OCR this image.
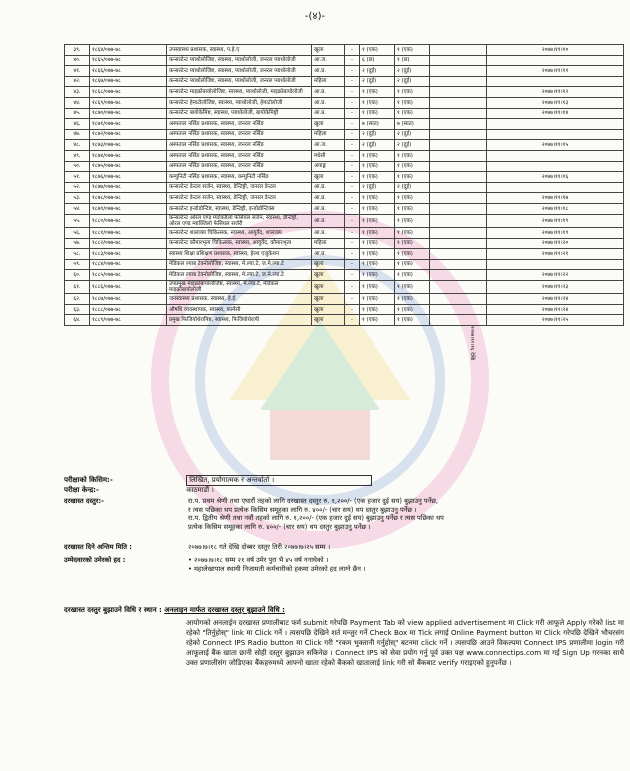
-(४)-
३९.	१८६४/०७७-७८	उपस्वास्थ्य प्रशासक, स्वास्थ्य, प.हे.ए	खुला	-	१ (एक)	१ (एक)		२०७७।११।१०
४०.	१८६५/०७७-७८	कन्सल्टेन्ट प्याथोलोजिष्ट, स्वास्थ्य, प्याथोलोजी, जनरल प्याथोलोजी	आ.ज.	-	६ (छ)	१ (छ)		
४१.	१८६६/०७७-७८	कन्सल्टेन्ट प्याथोलोजिष्ट, स्वास्थ्य, प्याथोलोजी, जनरल प्याथोलोजी	आ.प्र.	-	२ (दुई)	२ (दुई)		२०७७।११।११
४२.	१८६७/०७७-७८	कन्सल्टेन्ट प्याथोलोजिष्ट, स्वास्थ्य, प्याथोलोजी, जनरल प्याथोलोजी	महिला	-	२ (दुई)	२ (दुई)		
४३.	१८६८/०७७-७८	कन्सल्टेन्ट माइक्रोबायोलोजिष्ट, स्वास्थ्य, प्याथोलोजी, माइक्रोबायोलोजी	आ.प्र.	-	१ (एक)	१ (एक)		२०७७।११।१२
४४.	१८६९/०७७-७८	कन्सल्टेन्ट हेमाटोलोजिष्ट, स्वास्थ्य, प्याथोलोजी, हेमाटोलोजी	आ.प्र.	-	१ (एक)	१ (एक)		२०७७।११।१३
४५.	१८७०/०७७-७८	कन्सल्टेन्ट बायोकेमिष्ट, स्वास्थ्य, प्याथोलोजी, बायोकेमिष्ट्री	आ.प्र.	-	१ (एक)	१ (एक)		२०७७।११।१४
४६.	१८७१/०७७-७८	अस्पताल नर्सिङ प्रशासक, स्वास्थ्य, जनरल नर्सिङ	खुला	-	७ (सात)	७ (सात)		
४७.	१८७२/०७७-७८	अस्पताल नर्सिङ प्रशासक, स्वास्थ्य, जनरल नर्सिङ	महिला	-	२ (दुई)	२ (दुई)		
४८.	१८७३/०७७-७८	अस्पताल नर्सिङ प्रशासक, स्वास्थ्य, जनरल नर्सिङ	आ.ज.	-	२ (दुई)	२ (दुई)		२०७७।११।१५
४९.	१८७४/०७७-७८	अस्पताल नर्सिङ प्रशासक, स्वास्थ्य, जनरल नर्सिङ	मधेसी	-	१ (एक)	१ (एक)		
५०.	१८७५/०७७-७८	अस्पताल नर्सिङ प्रशासक, स्वास्थ्य, जनरल नर्सिङ	अपाङ्ग	-	१ (एक)	१ (एक)		
५१.	१८७६/०७७-७८	कम्युनिटी नर्सिङ प्रशासक, स्वास्थ्य, कम्युनिटी नर्सिङ	खुला	-	१ (एक)	१ (एक)		२०७७।११।१६
५२.	१८७७/०७७-७८	कन्सल्टेन्ट डेन्टल सर्जन, स्वास्थ्य, डेन्टिष्ट्री, जनरल डेन्टल	आ.प्र.	-	२ (दुई)	२ (दुई)		
५३.	१८७८/०७७-७८	कन्सल्टेन्ट डेन्टल सर्जन, स्वास्थ्य, डेन्टिष्ट्री, जनरल डेन्टल	आ.प्र.	-	१ (एक)	१ (एक)		२०७७।११।१७
५४.	१८७९/०७७-७८	कन्सल्टेन्ट इन्डोडोन्टिष्ट, स्वास्थ्य, डेन्टिष्ट्री, इन्डोडोन्टिक्स	आ.प्र.	-	१ (एक)	१ (एक)		२०७७।११।१८
५५.	१८८०/०७७-७८	कन्सल्टेन्ट ओरल एण्ड म्याक्जिलो फेसियल सर्जन, स्वास्थ्य, डेन्टिष्ट्री, ओरल एण्ड म्याक्जिलो फेसियल सर्जरी	आ.प्र.	-	१ (एक)	१ (एक)		२०७७।११।१९
५६.	१८८१/०७७-७८	कन्सल्टेन्ट शालाक्य चिकित्सक, स्वास्थ्य, आयुर्वेद, शालाक्य	आ.प्र.	-	१ (एक)	१ (एक)		२०७७।११।१९
५७.	१८८२/०७७-७८	कन्सल्टेन्ट कौमारभृत्य चिकित्सक, स्वास्थ्य, आयुर्वेद, कौमारभृत्य	महिला	-	१ (एक)	१ (एक)		२०७७।११।२०
५८.	१८८३/०७७-७८	स्वास्थ्य शिक्षा प्रशिक्षण प्रशासक, स्वास्थ्य, हेल्थ एजुकेशन	आ.प्र.	-	१ (एक)	१ (एक)		२०७७।११।२१
५९.	१८८४/०७७-७८	मेडिकल ल्याब टेक्नोलोजिष्ट, स्वास्थ्य, मे.ल्या.टे, ज.मे.ल्या.टे	खुला	-	१ (एक)	१ (एक)		
६०.	१८८५/०७७-७८	मेडिकल ल्याब टेक्नोलोजिष्ट, स्वास्थ्य, मे.ल्या.टे, ज.मे.ल्या.टे	खुला	-	१ (एक)	१ (एक)		२०७७।११।२२
६१.	१८८६/०७७-७८	उपप्रमुख माइक्रोबायोलोजिष्ट, स्वास्थ्य, मे.ल्या.टे, मेडिकल माइक्रोबायोलोजी	खुला	-	१ (एक)	१ (एक)		२०७७।११।२३
६२.	१८८७/०७७-७८	जनस्वास्थ्य प्रशासक, स्वास्थ्य, हे.ई.	खुला	-	१ (एक)	१ (एक)		२०७७।११।२४
६३.	१८८८/०७७-७८	औषधि व्यवस्थापक, स्वास्थ्य, फार्मेसी	खुला	-	१ (एक)	१ (एक)		२०७७।११।२४
६४.	१८८९/०७७-७८	प्रमुख फिजियोथेरापिष्ट, स्वास्थ्य, फिजियोथेरापी	खुला	-	१ (एक)	१ (एक)		२०७७।११।२५
२०७७।१०।१६ देखि
परीक्षाको किसिम:-	लिखित, प्रयोगात्मक र अन्तर्वार्ता ।
परीक्षा केन्द्र:-	काठमाडौं ।
दरखास्त दस्तुर:-	रा.प. प्रथम श्रेणी तथा एघारौं तहको लागि दरखास्त दस्तुर रु. १,२००/- (एक हजार दुई सय) बुझाउनु पर्नेछ,
र त्यस पछिका थप प्रत्येक किसिम समूहका लागि रु. ४००/- (चार सय) थप दस्तुर बुझाउनु पर्नेछ ।
रा.प. द्वितीय श्रेणी तथा नवौं तहको लागि रु. १,२००/- (एक हजार दुई सय) बुझाउनु पर्नेछ र त्यस पछिका थप
प्रत्येक किसिम समूहका लागि रु. ४००/- (चार सय) थप दस्तुर बुझाउनु पर्नेछ ।
दरखास्त दिने अन्तिम मिति :	२०७७।७।१८ गते देखि दोब्बर दस्तुर तिरी २०७७।७।२५ सम्म ।
उम्मेदवारको उमेरको हद :	• २०७७।७।१८ सम्म २१ वर्ष उमेर पुरा भै ४५ वर्ष ननाघेको ।
• महालेखापाल स्थायी निजामती कर्मचारीको हकमा उमेरको हद लाग्ने छैन ।
दरखास्त दस्तुर बुझाउने विधि र स्थान : अनलाइन मार्फत दरखास्त दस्तुर बुझाउने विधि :
आयोगको अनलाईन दरखास्त प्रणालीबाट फर्म submit गरेपछि Payment Tab को view applied advertisement मा Click गरी आफूले Apply गरेको list मा रहेको "तिर्नुहोस्" link मा Click गर्ने । त्यसपछि देखिने शर्त मन्जुर गर्ने Check Box मा Tick लगाई Online Payment button मा Click गरेपछि देखिने भौचरसंग रहेको Connect IPS Radio button मा Click गरी "रकम भुक्तानी गर्नुहोस्" बटनमा click गर्ने । त्यसपछि आउने विकल्पमा Connect IPS प्रणालीमा login गरी आफूलाई बैंक खाता छानी सोही दस्तुर बुझाउन सकिनेछ । Connect IPS को सेवा प्रयोग गर्नु पूर्व उक्त पक्ष www.connectips.com मा गई Sign Up गरनका साथै उक्त प्रणालीसंग जोडिएका बैंकहरुमध्ये आफ्नो खाता रहेको बैंकको खातालाई link गरी सो बैंकबाट verify गराइएको हुनुपर्नेछ ।
